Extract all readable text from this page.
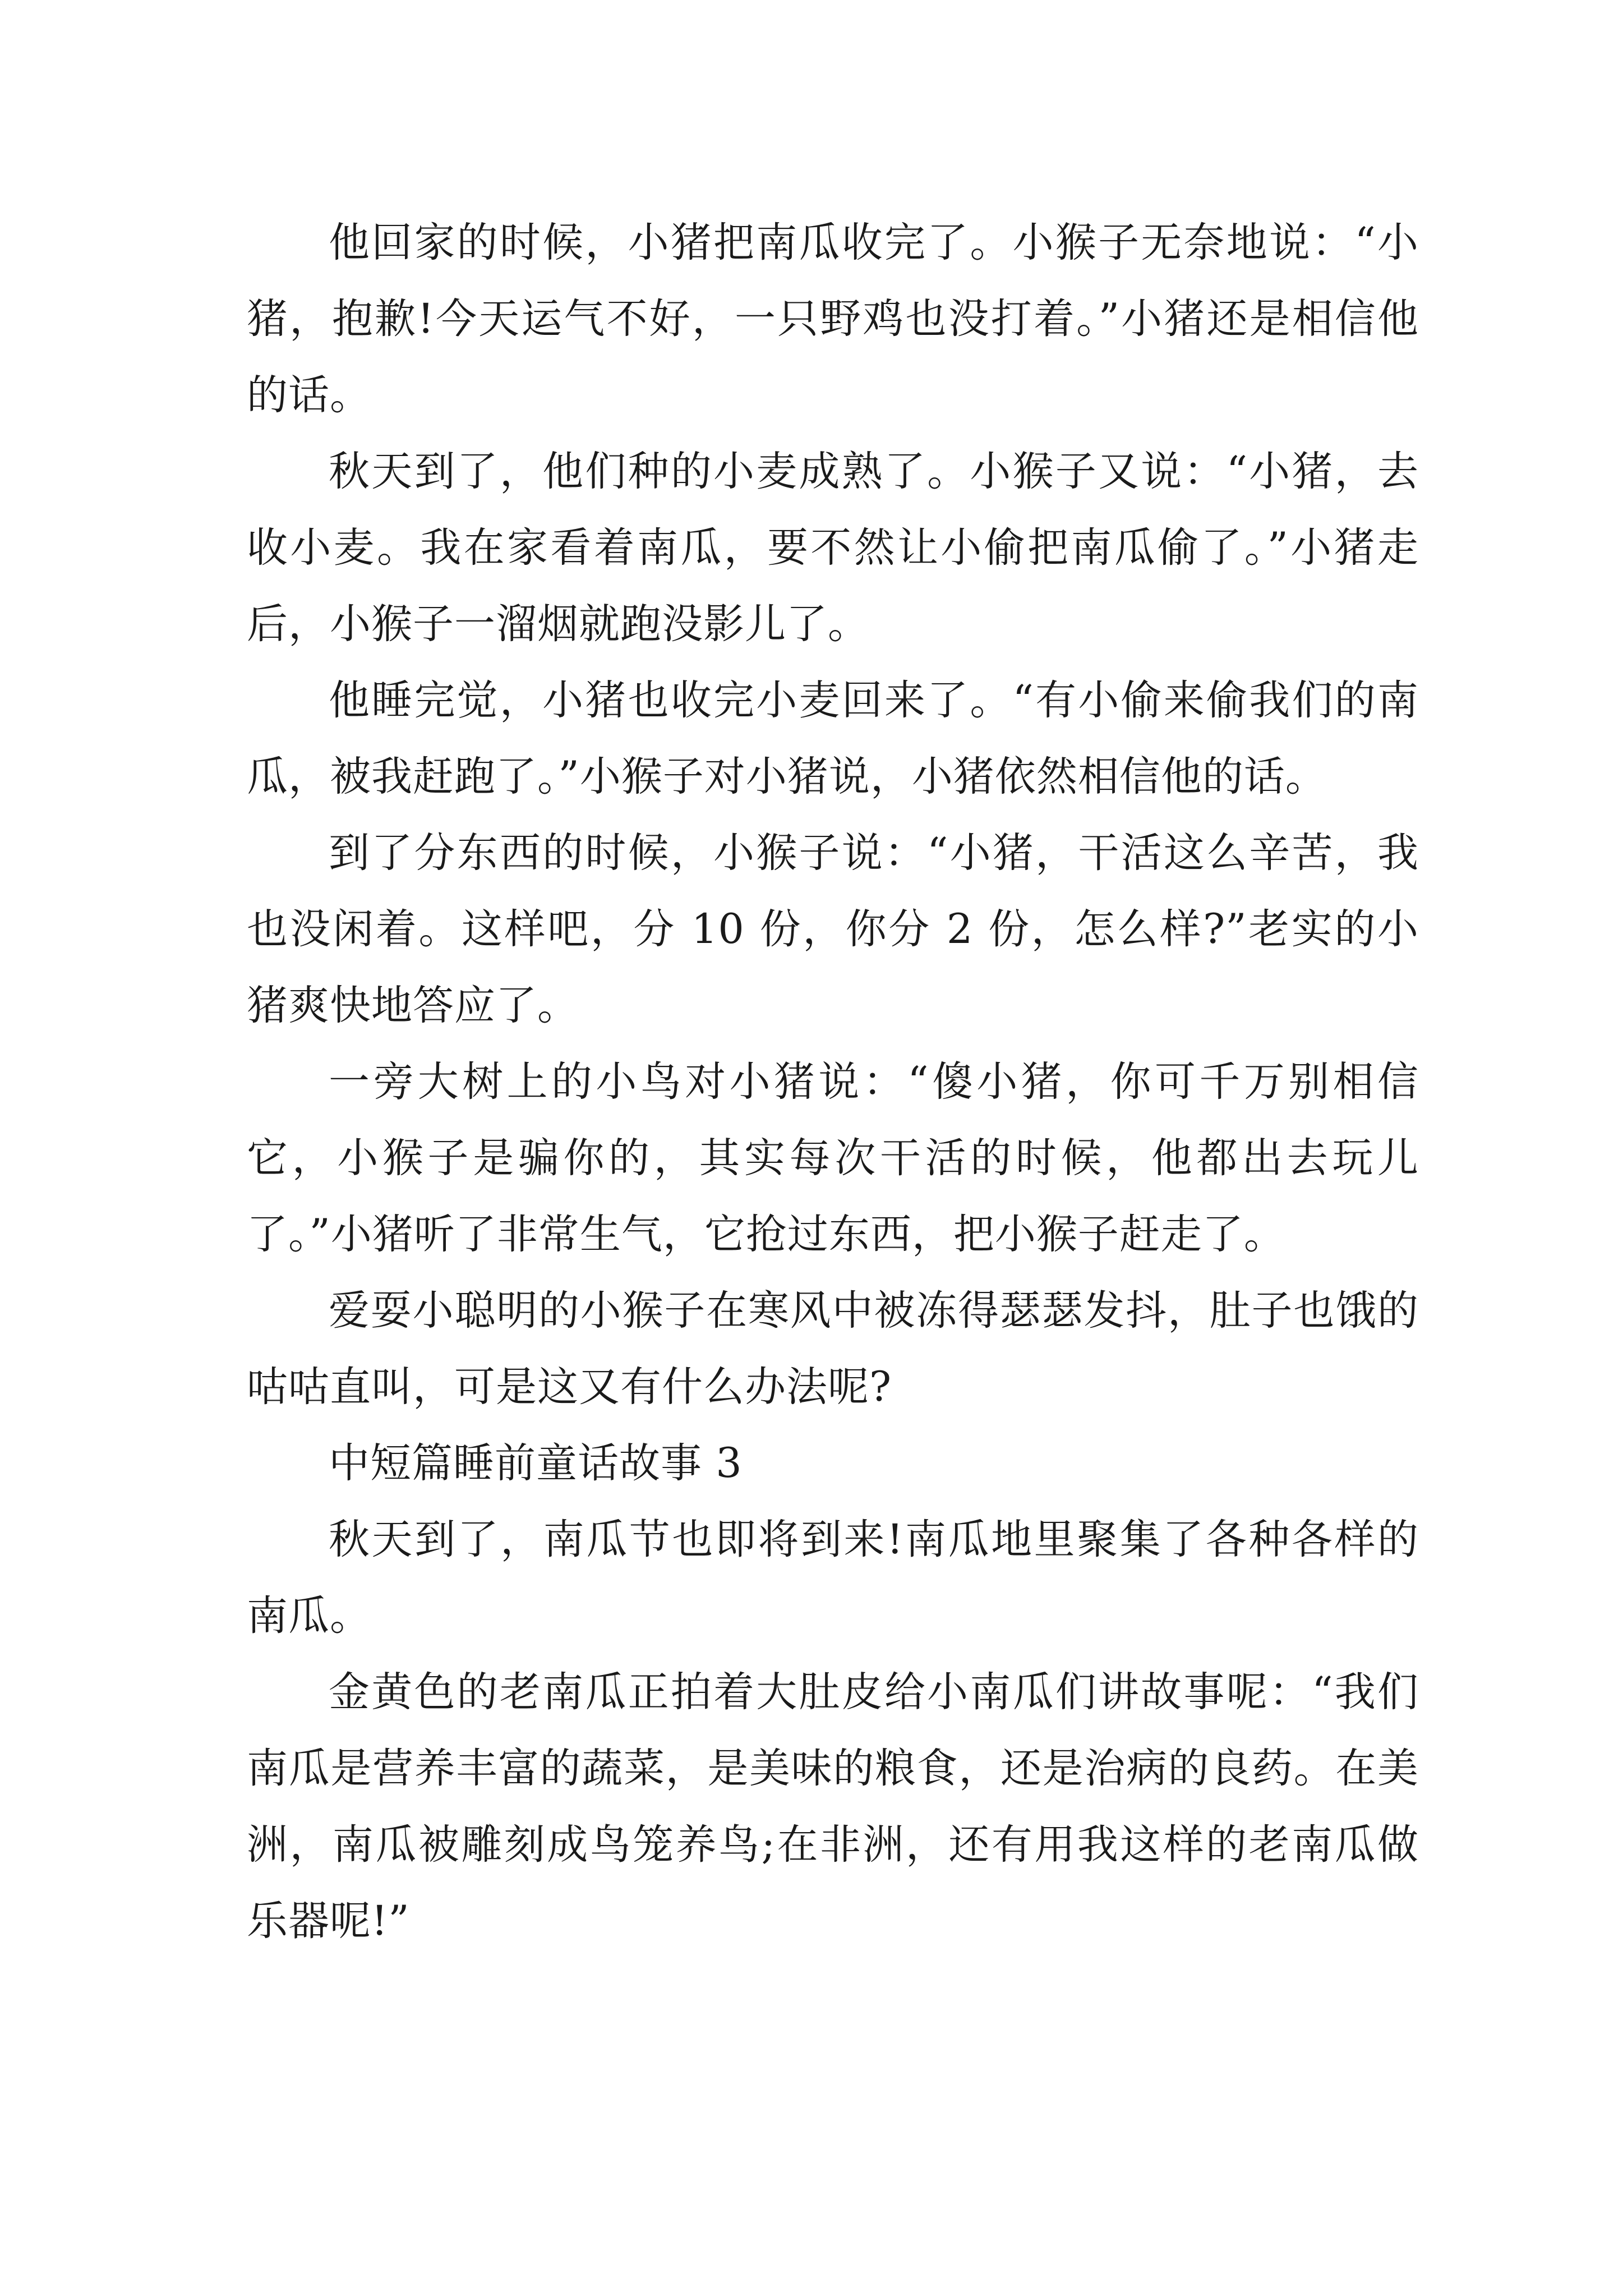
他回家的时候，小猪把南瓜收完了。小猴子无奈地说：“小猪，抱歉!今天运气不好，一只野鸡也没打着。”小猪还是相信他的话。

秋天到了，他们种的小麦成熟了。小猴子又说：“小猪，去收小麦。我在家看着南瓜，要不然让小偷把南瓜偷了。”小猪走后，小猴子一溜烟就跑没影儿了。

他睡完觉，小猪也收完小麦回来了。“有小偷来偷我们的南瓜，被我赶跑了。”小猴子对小猪说，小猪依然相信他的话。

到了分东西的时候，小猴子说：“小猪，干活这么辛苦，我也没闲着。这样吧，分 10 份，你分 2 份，怎么样?”老实的小猪爽快地答应了。

一旁大树上的小鸟对小猪说：“傻小猪，你可千万别相信它，小猴子是骗你的，其实每次干活的时候，他都出去玩儿了。”小猪听了非常生气，它抢过东西，把小猴子赶走了。

爱耍小聪明的小猴子在寒风中被冻得瑟瑟发抖，肚子也饿的咕咕直叫，可是这又有什么办法呢?

中短篇睡前童话故事 3

秋天到了，南瓜节也即将到来!南瓜地里聚集了各种各样的南瓜。

金黄色的老南瓜正拍着大肚皮给小南瓜们讲故事呢：“我们南瓜是营养丰富的蔬菜，是美味的粮食，还是治病的良药。在美洲，南瓜被雕刻成鸟笼养鸟;在非洲，还有用我这样的老南瓜做乐器呢!”
